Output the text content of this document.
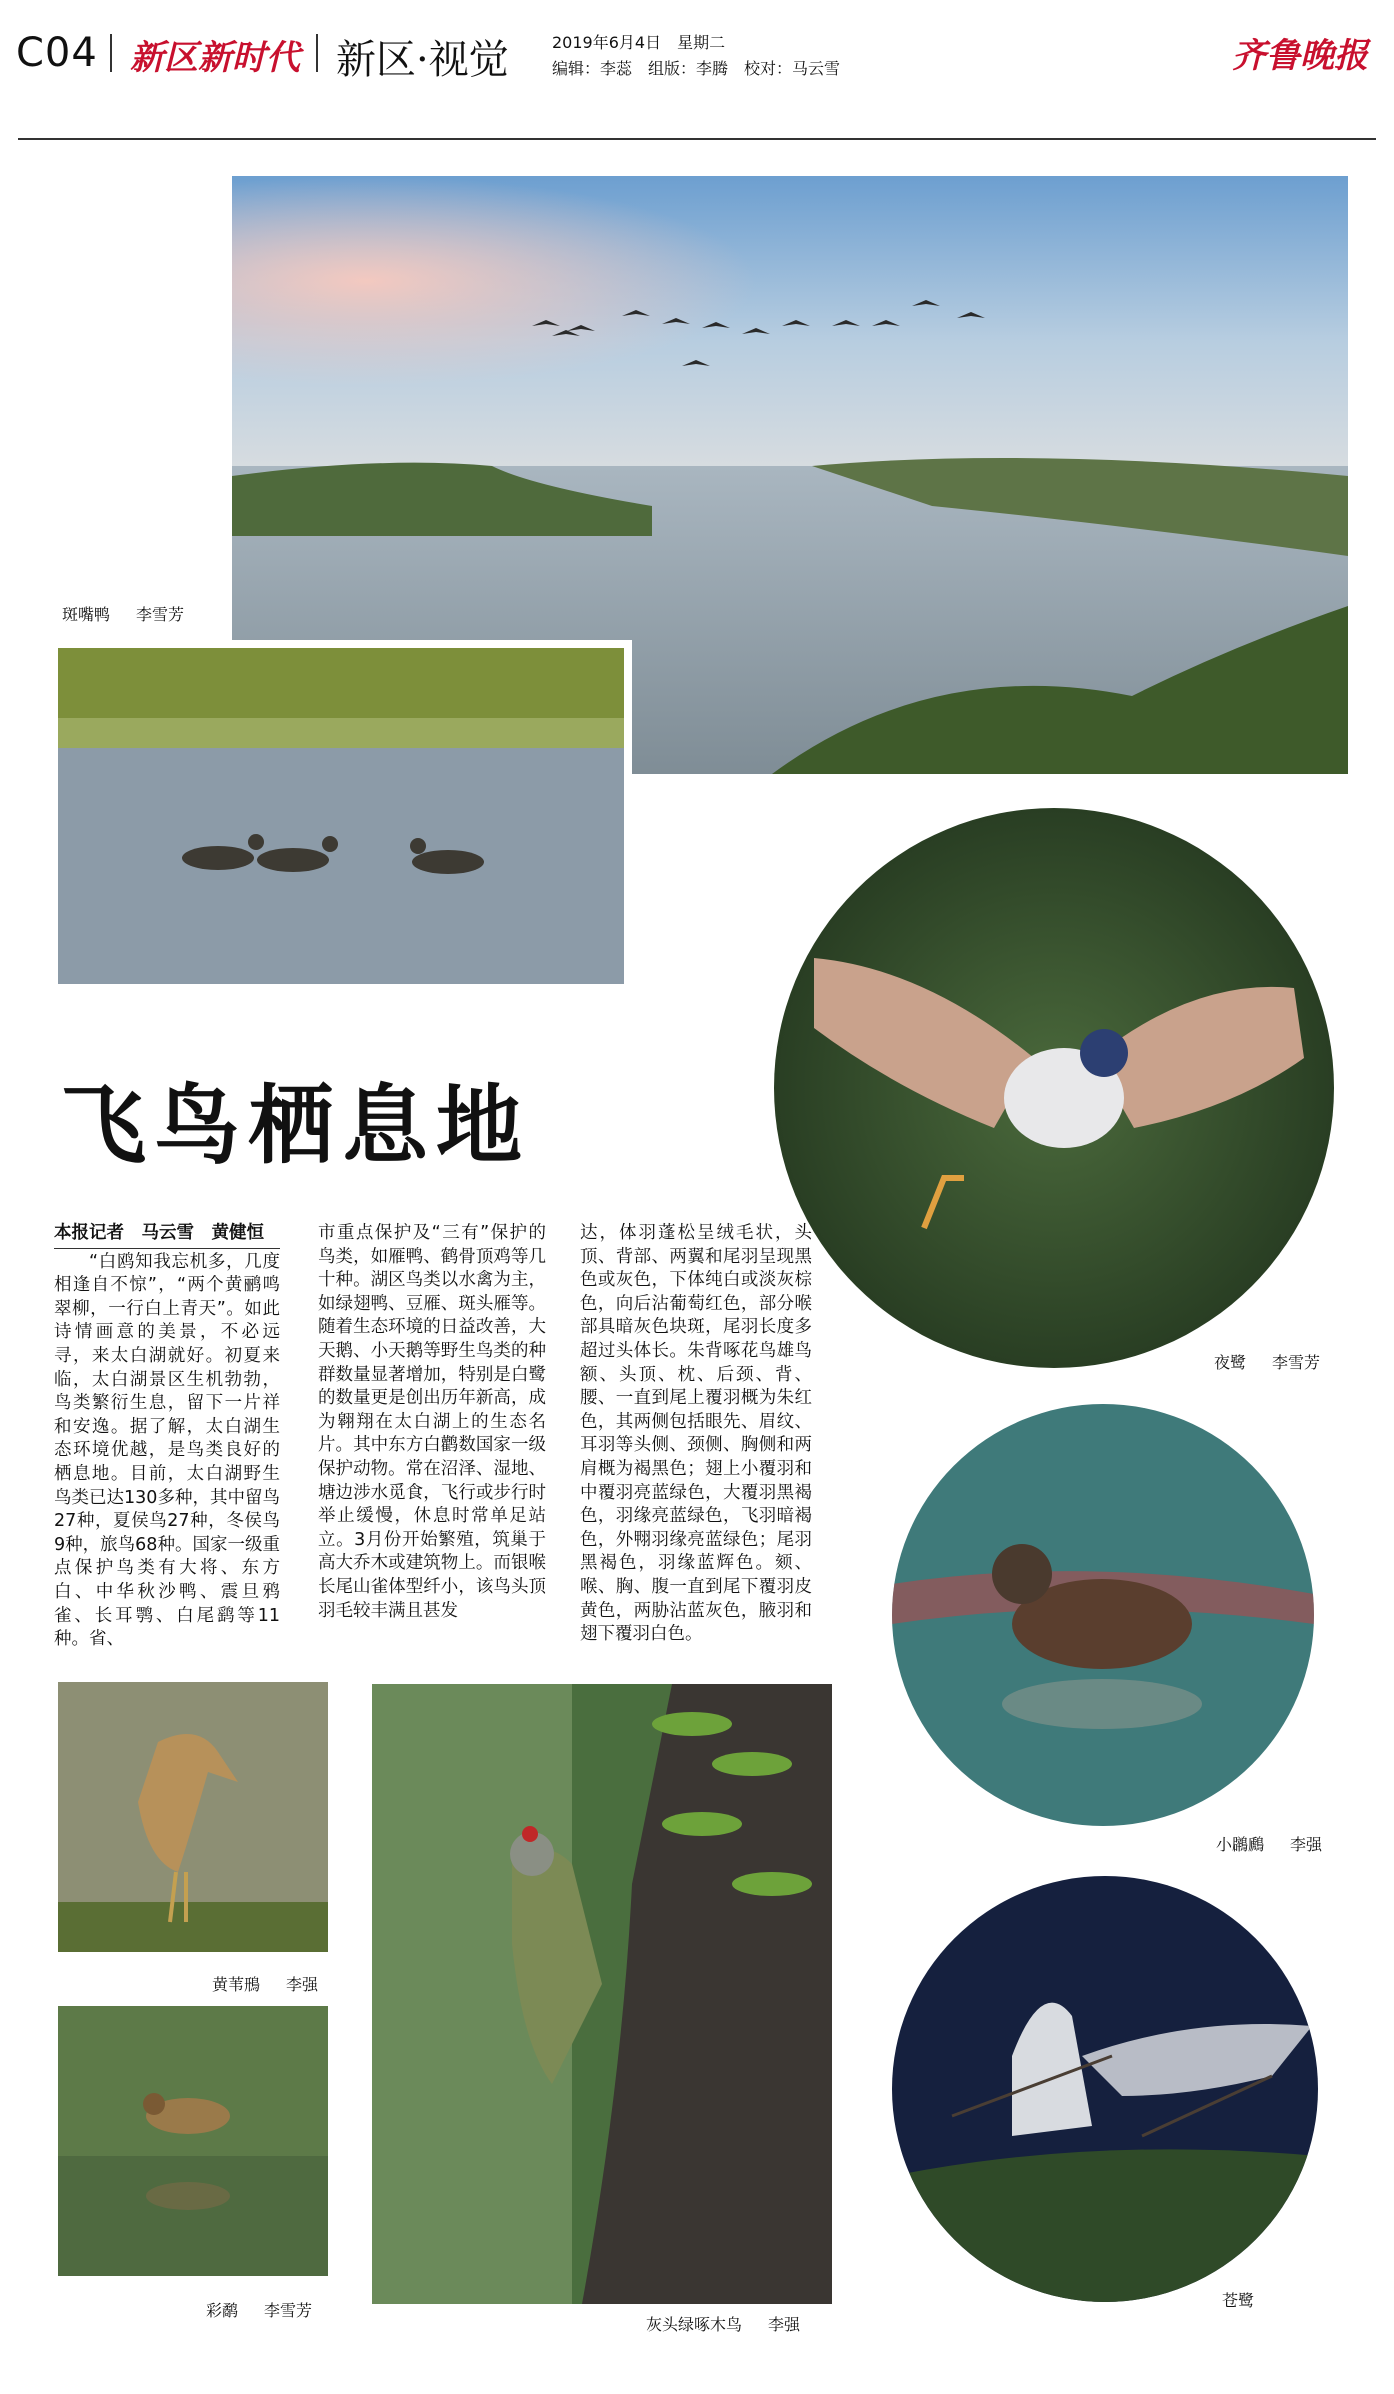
C04 新区新时代 新区·视觉	2019年6月4日　星期二
编辑：李蕊　组版：李腾　校对：马云雪	齐鲁晚报
斑嘴鸭 李雪芳
夜鹭 李雪芳
飞鸟栖息地
本报记者　马云雪　黄健恒

“白鸥知我忘机多，几度相逢自不惊”，“两个黄鹂鸣翠柳，一行白上青天”。如此诗情画意的美景，不必远寻，来太白湖就好。初夏来临，太白湖景区生机勃勃，鸟类繁衍生息，留下一片祥和安逸。据了解，太白湖生态环境优越，是鸟类良好的栖息地。目前，太白湖野生鸟类已达130多种，其中留鸟27种，夏侯鸟27种，冬侯鸟9种，旅鸟68种。国家一级重点保护鸟类有大将、东方白、中华秋沙鸭、震旦鸦雀、长耳鹗、白尾鹞等11种。省、

市重点保护及“三有”保护的鸟类，如雁鸭、鹤骨顶鸡等几十种。湖区鸟类以水禽为主，如绿翅鸭、豆雁、斑头雁等。随着生态环境的日益改善，大天鹅、小天鹅等野生鸟类的种群数量显著增加，特别是白鹭的数量更是创出历年新高，成为翱翔在太白湖上的生态名片。其中东方白鹳数国家一级保护动物。常在沼泽、湿地、塘边涉水觅食，飞行或步行时举止缓慢，休息时常单足站立。3月份开始繁殖，筑巢于高大乔木或建筑物上。而银喉长尾山雀体型纤小，该鸟头顶羽毛较丰满且甚发

达，体羽蓬松呈绒毛状，头顶、背部、两翼和尾羽呈现黑色或灰色，下体纯白或淡灰棕色，向后沾葡萄红色，部分喉部具暗灰色块斑，尾羽长度多超过头体长。朱背啄花鸟雄鸟额、头顶、枕、后颈、背、腰、一直到尾上覆羽概为朱红色，其两侧包括眼先、眉纹、耳羽等头侧、颈侧、胸侧和两肩概为褐黑色；翅上小覆羽和中覆羽亮蓝绿色，大覆羽黑褐色，羽缘亮蓝绿色，飞羽暗褐色，外翈羽缘亮蓝绿色；尾羽黑褐色，羽缘蓝辉色。颏、喉、胸、腹一直到尾下覆羽皮黄色，两胁沾蓝灰色，腋羽和翅下覆羽白色。

小鸊鷉 李强
黄苇鳽 李强
灰头绿啄木鸟 李强
彩鹬 李雪芳
苍鹭
